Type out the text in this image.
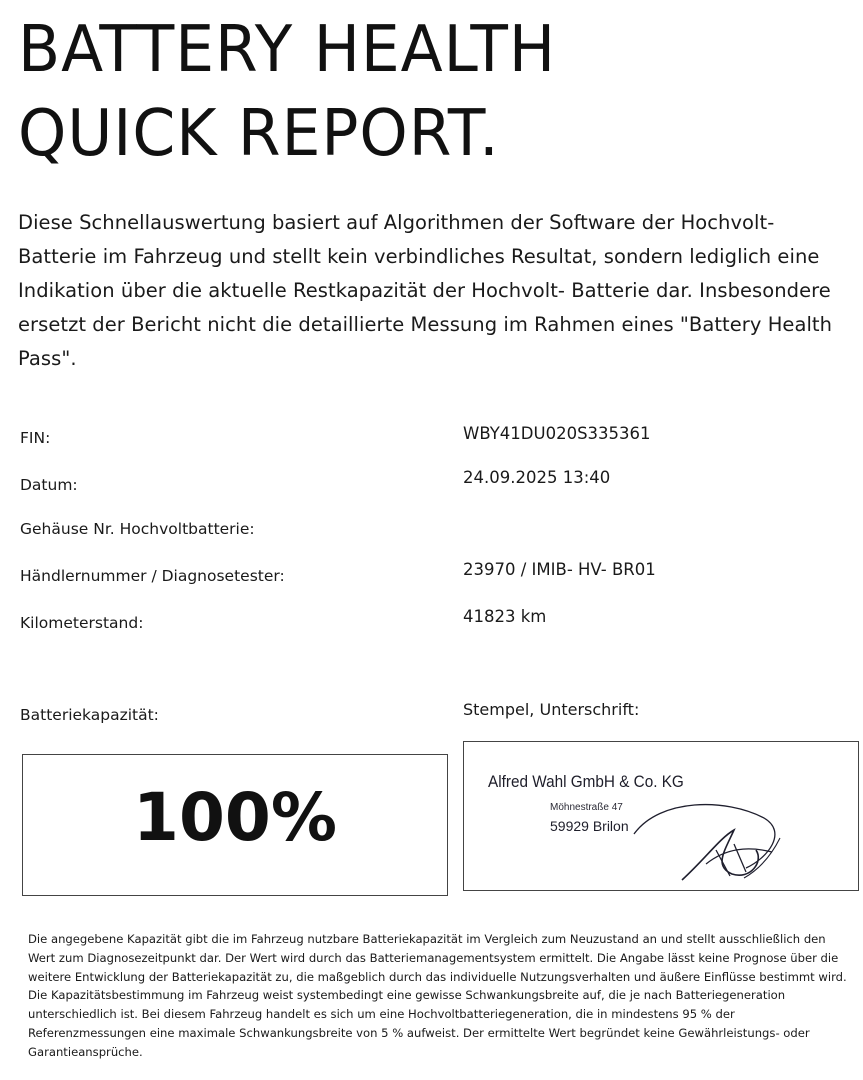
BATTERY HEALTH
QUICK REPORT.

Diese Schnellauswertung basiert auf Algorithmen der Software der Hochvolt- Batterie im Fahrzeug und stellt kein verbindliches Resultat, sondern lediglich eine Indikation über die aktuelle Restkapazität der Hochvolt- Batterie dar. Insbesondere ersetzt der Bericht nicht die detaillierte Messung im Rahmen eines "Battery Health Pass".

FIN:	WBY41DU020S335361
Datum:	24.09.2025 13:40
Gehäuse Nr. Hochvoltbatterie:
Händlernummer / Diagnosetester:	23970 / IMIB- HV- BR01
Kilometerstand:	41823 km
Batteriekapazität:	Stempel, Unterschrift:
100%	Alfred Wahl GmbH & Co. KG
Möhnestraße 47
59929 Brilon

Die angegebene Kapazität gibt die im Fahrzeug nutzbare Batteriekapazität im Vergleich zum Neuzustand an und stellt ausschließlich den Wert zum Diagnosezeitpunkt dar. Der Wert wird durch das Batteriemanagementsystem ermittelt. Die Angabe lässt keine Prognose über die weitere Entwicklung der Batteriekapazität zu, die maßgeblich durch das individuelle Nutzungsverhalten und äußere Einflüsse bestimmt wird. Die Kapazitätsbestimmung im Fahrzeug weist systembedingt eine gewisse Schwankungsbreite auf, die je nach Batteriegeneration unterschiedlich ist. Bei diesem Fahrzeug handelt es sich um eine Hochvoltbatteriegeneration, die in mindestens 95 % der Referenzmessungen eine maximale Schwankungsbreite von 5 % aufweist. Der ermittelte Wert begründet keine Gewährleistungs- oder Garantieansprüche.
